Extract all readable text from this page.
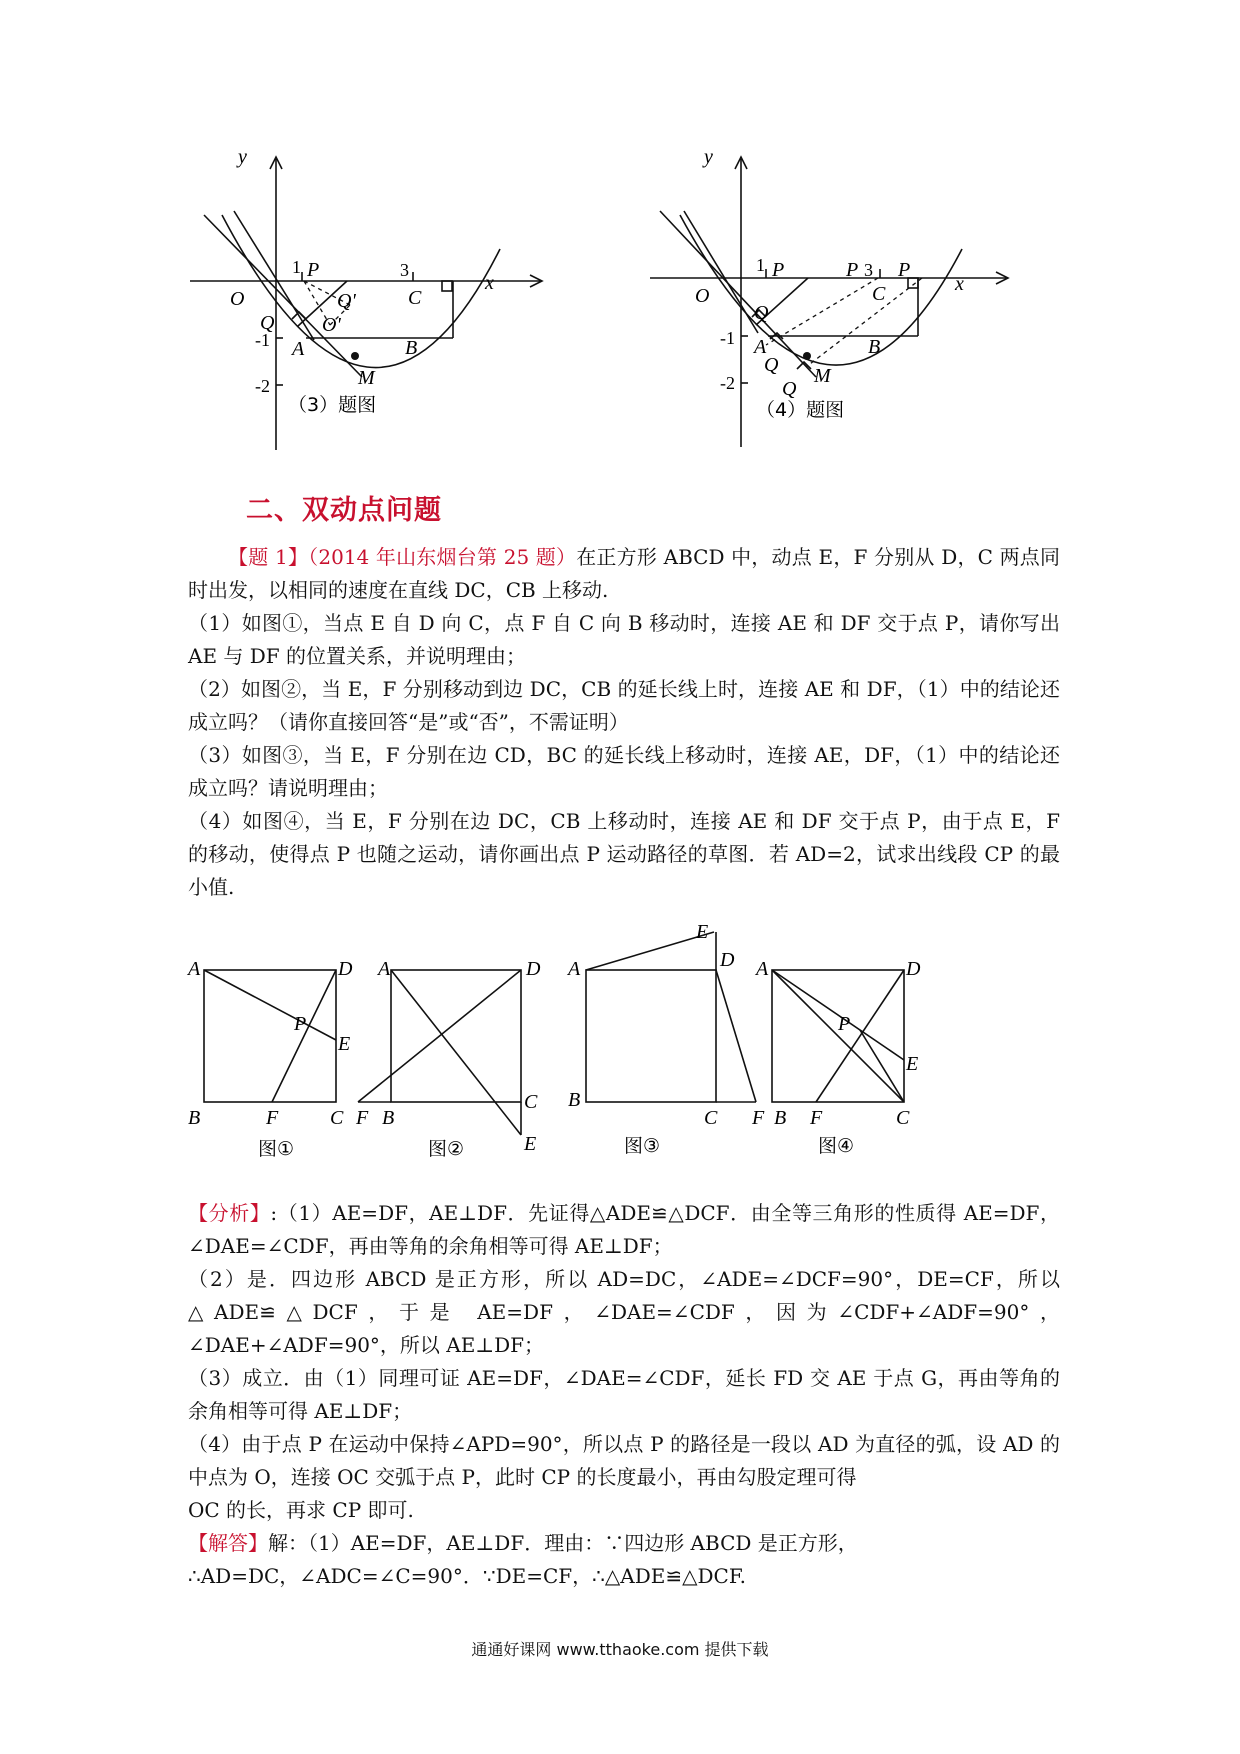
y
x
O
1 P	3
C
Q'
O'
Q
A	B
M
-1
-2
（3）题图
y
x
O
1 P	P 3 P
C
Q
A
Q
Q
B
M
-1
-2
（4）题图
二、双动点问题

【题 1】（2014 年山东烟台第 25 题）在正方形 ABCD 中，动点 E，F 分别从 D，C 两点同时出发，以相同的速度在直线 DC，CB 上移动.

（1）如图①，当点 E 自 D 向 C，点 F 自 C 向 B 移动时，连接 AE 和 DF 交于点 P，请你写出 AE 与 DF 的位置关系，并说明理由；

（2）如图②，当 E，F 分别移动到边 DC，CB 的延长线上时，连接 AE 和 DF，（1）中的结论还成立吗？（请你直接回答“是”或“否”，不需证明）

（3）如图③，当 E，F 分别在边 CD，BC 的延长线上移动时，连接 AE，DF，（1）中的结论还成立吗？请说明理由；

（4）如图④，当 E，F 分别在边 DC，CB 上移动时，连接 AE 和 DF 交于点 P，由于点 E，F 的移动，使得点 P 也随之运动，请你画出点 P 运动路径的草图．若 AD=2，试求出线段 CP 的最小值.

A	D
P
E
B	F	C
图①
A	D
F B
C
E
图②
E
A	D
B
C F
图③
A	D
P
E
B F	C
图④

【分析】:（1）AE=DF，AE⊥DF．先证得△ADE≌△DCF．由全等三角形的性质得 AE=DF，∠DAE=∠CDF，再由等角的余角相等可得 AE⊥DF；

（2）是．四边形 ABCD 是正方形，所以 AD=DC，∠ADE=∠DCF=90°，DE=CF，所以△ADE≌△DCF，于是 AE=DF，∠DAE=∠CDF，因为∠CDF+∠ADF=90°，∠DAE+∠ADF=90°，所以 AE⊥DF；

（3）成立．由（1）同理可证 AE=DF，∠DAE=∠CDF，延长 FD 交 AE 于点 G，再由等角的余角相等可得 AE⊥DF；

（4）由于点 P 在运动中保持∠APD=90°，所以点 P 的路径是一段以 AD 为直径的弧，设 AD 的中点为 O，连接 OC 交弧于点 P，此时 CP 的长度最小，再由勾股定理可得

OC 的长，再求 CP 即可.

【解答】解：（1）AE=DF，AE⊥DF．理由：∵四边形 ABCD 是正方形，

∴AD=DC，∠ADC=∠C=90°．∵DE=CF，∴△ADE≌△DCF.

通通好课网 www.tthaoke.com 提供下载
